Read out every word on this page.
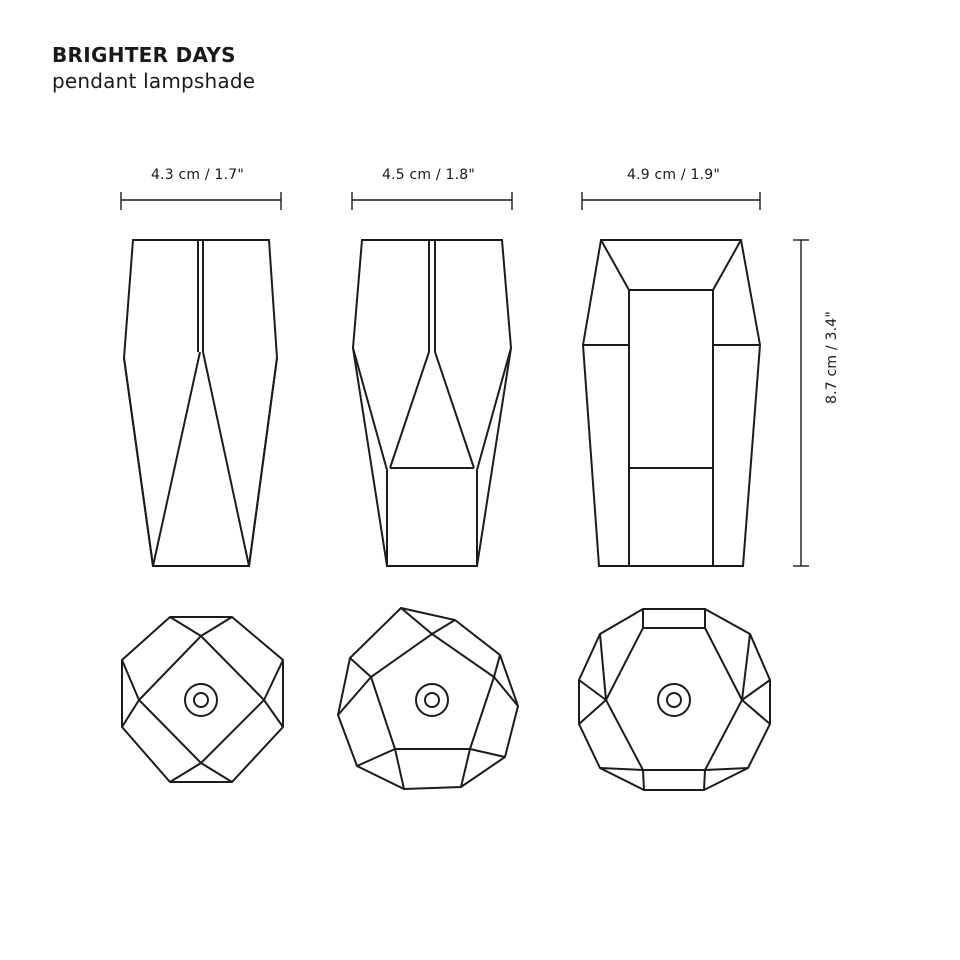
BRIGHTER DAYS
pendant lampshade
4.3 cm / 1.7"	4.5 cm / 1.8"	4.9 cm / 1.9"
8.7 cm / 3.4"
